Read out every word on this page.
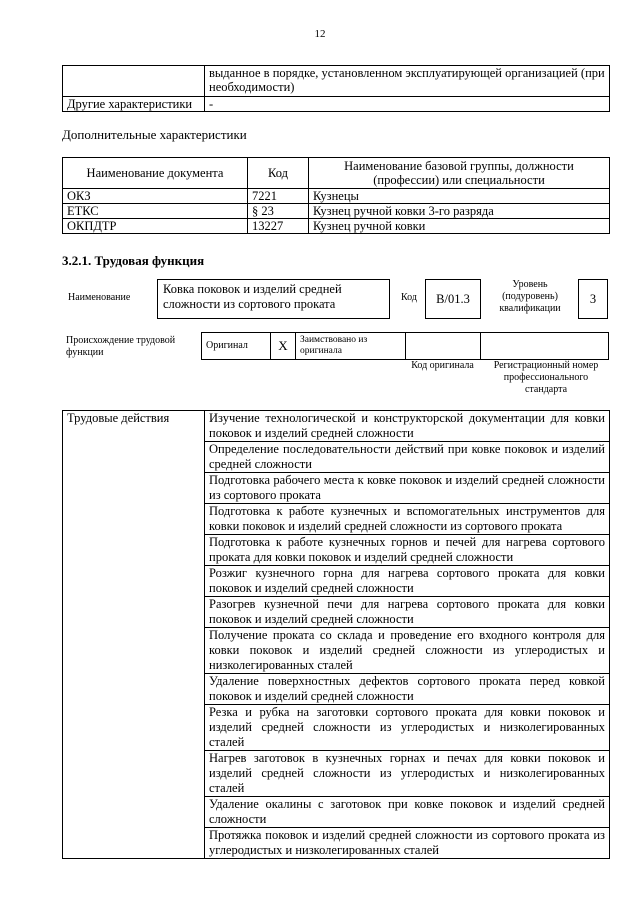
12
	выданное в порядке, установленном эксплуатирующей организацией (при необходимости)
Другие характеристики	-
Дополнительные характеристики
Наименование документа	Код	Наименование базовой группы, должности (профессии) или специальности
ОКЗ	7221	Кузнецы
ЕТКС	§ 23	Кузнец ручной ковки 3-го разряда
ОКПДТР	13227	Кузнец ручной ковки
3.2.1. Трудовая функция
Наименование
Ковка поковок и изделий средней сложности из сортового проката	Код	B/01.3
Уровень (подуровень) квалификации
3
Происхождение трудовой функции
Оригинал	X	Заимствовано из оригинала		
Код оригинала	Регистрационный номер профессионального стандарта
Трудовые действия	Изучение технологической и конструкторской документации для ковки поковок и изделий средней сложности
Определение последовательности действий при ковке поковок и изделий средней сложности
Подготовка рабочего места к ковке поковок и изделий средней сложности из сортового проката
Подготовка к работе кузнечных и вспомогательных инструментов для ковки поковок и изделий средней сложности из сортового проката
Подготовка к работе кузнечных горнов и печей для нагрева сортового проката для ковки поковок и изделий средней сложности
Розжиг кузнечного горна для нагрева сортового проката для ковки поковок и изделий средней сложности
Разогрев кузнечной печи для нагрева сортового проката для ковки поковок и изделий средней сложности
Получение проката со склада и проведение его входного контроля для ковки поковок и изделий средней сложности из углеродистых и низколегированных сталей
Удаление поверхностных дефектов сортового проката перед ковкой поковок и изделий средней сложности
Резка и рубка на заготовки сортового проката для ковки поковок и изделий средней сложности из углеродистых и низколегированных сталей
Нагрев заготовок в кузнечных горнах и печах для ковки поковок и изделий средней сложности из углеродистых и низколегированных сталей
Удаление окалины с заготовок при ковке поковок и изделий средней сложности
Протяжка поковок и изделий средней сложности из сортового проката из углеродистых и низколегированных сталей
